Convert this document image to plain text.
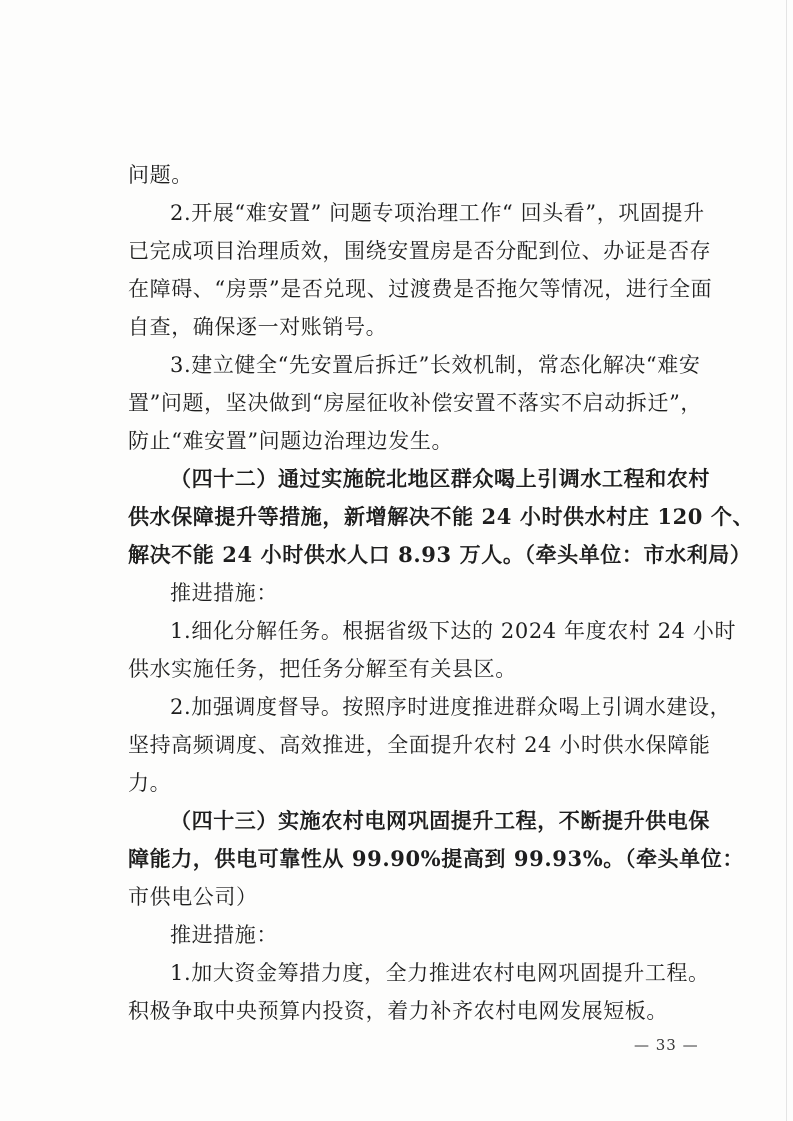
问题。
2.开展“难安置” 问题专项治理工作“ 回头看”，巩固提升
已完成项目治理质效，围绕安置房是否分配到位、办证是否存
在障碍、“房票”是否兑现、过渡费是否拖欠等情况，进行全面
自查，确保逐一对账销号。
3.建立健全“先安置后拆迁”长效机制，常态化解决“难安
置”问题，坚决做到“房屋征收补偿安置不落实不启动拆迁”，
防止“难安置”问题边治理边发生。
（四十二）通过实施皖北地区群众喝上引调水工程和农村
供水保障提升等措施，新增解决不能 24 小时供水村庄 120 个、
解决不能 24 小时供水人口 8.93 万人。（牵头单位：市水利局）
推进措施：
1.细化分解任务。根据省级下达的 2024 年度农村 24 小时
供水实施任务，把任务分解至有关县区。
2.加强调度督导。按照序时进度推进群众喝上引调水建设，
坚持高频调度、高效推进，全面提升农村 24 小时供水保障能
力。
（四十三）实施农村电网巩固提升工程，不断提升供电保
障能力，供电可靠性从 99.90%提高到 99.93%。（牵头单位：
市供电公司）
推进措施：
1.加大资金筹措力度，全力推进农村电网巩固提升工程。
积极争取中央预算内投资，着力补齐农村电网发展短板。
— 33 —
